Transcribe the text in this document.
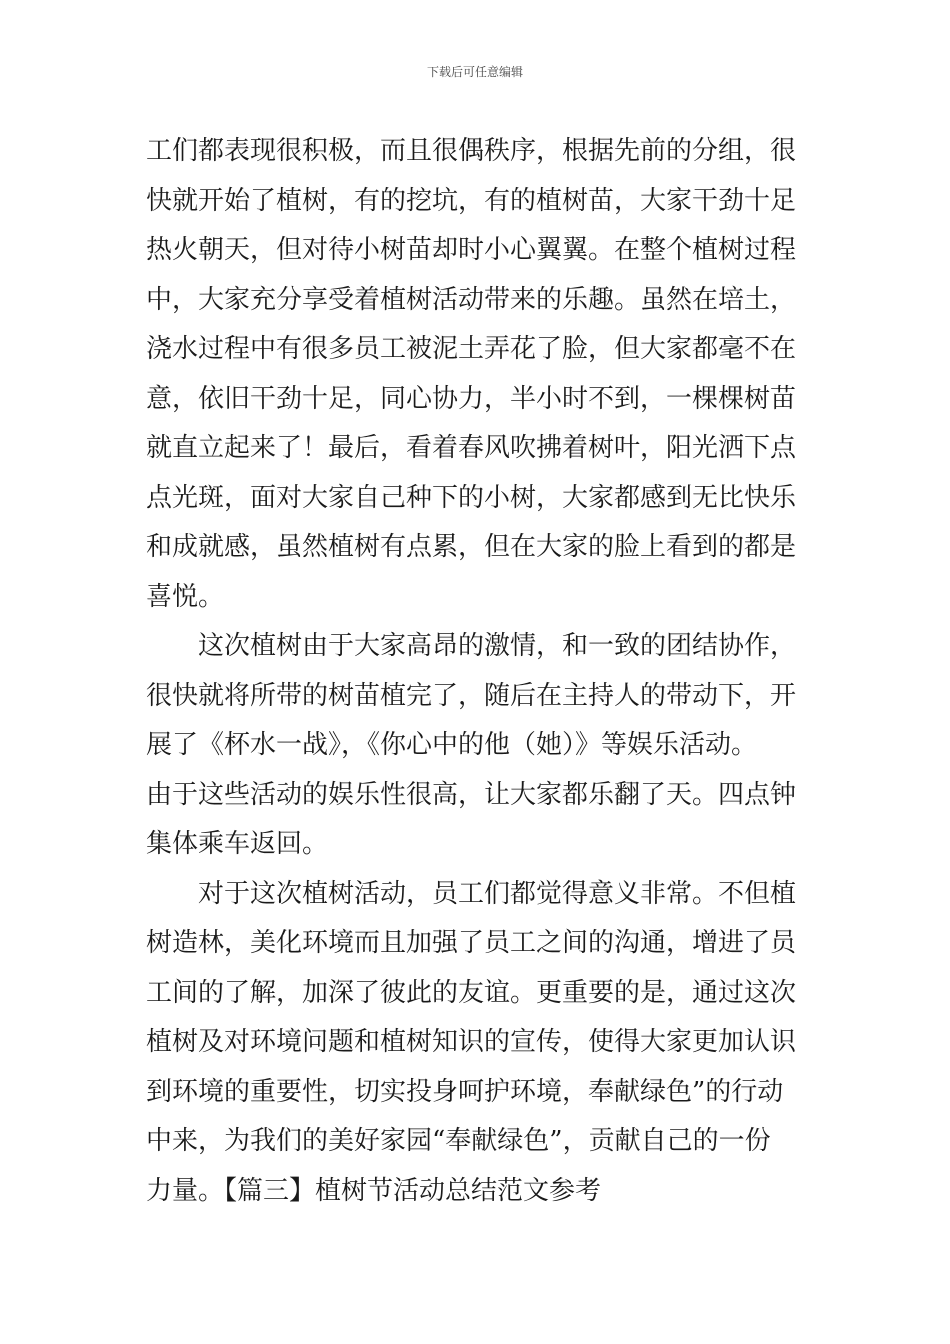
下载后可任意编辑
工们都表现很积极，而且很偶秩序，根据先前的分组，很
快就开始了植树，有的挖坑，有的植树苗，大家干劲十足
热火朝天，但对待小树苗却时小心翼翼。在整个植树过程
中，大家充分享受着植树活动带来的乐趣。虽然在培土，
浇水过程中有很多员工被泥土弄花了脸，但大家都毫不在
意，依旧干劲十足，同心协力，半小时不到，一棵棵树苗
就直立起来了！最后，看着春风吹拂着树叶，阳光洒下点
点光斑，面对大家自己种下的小树，大家都感到无比快乐
和成就感，虽然植树有点累，但在大家的脸上看到的都是
喜悦。
这次植树由于大家高昂的激情，和一致的团结协作，
很快就将所带的树苗植完了，随后在主持人的带动下，开
展了《杯水一战》，《你心中的他（她）》等娱乐活动。
由于这些活动的娱乐性很高，让大家都乐翻了天。四点钟
集体乘车返回。
对于这次植树活动，员工们都觉得意义非常。不但植
树造林，美化环境而且加强了员工之间的沟通，增进了员
工间的了解，加深了彼此的友谊。更重要的是，通过这次
植树及对环境问题和植树知识的宣传，使得大家更加认识
到环境的重要性，切实投身呵护环境，奉献绿色”的行动
中来，为我们的美好家园“奉献绿色”，贡献自己的一份
力量。【篇三】植树节活动总结范文参考
